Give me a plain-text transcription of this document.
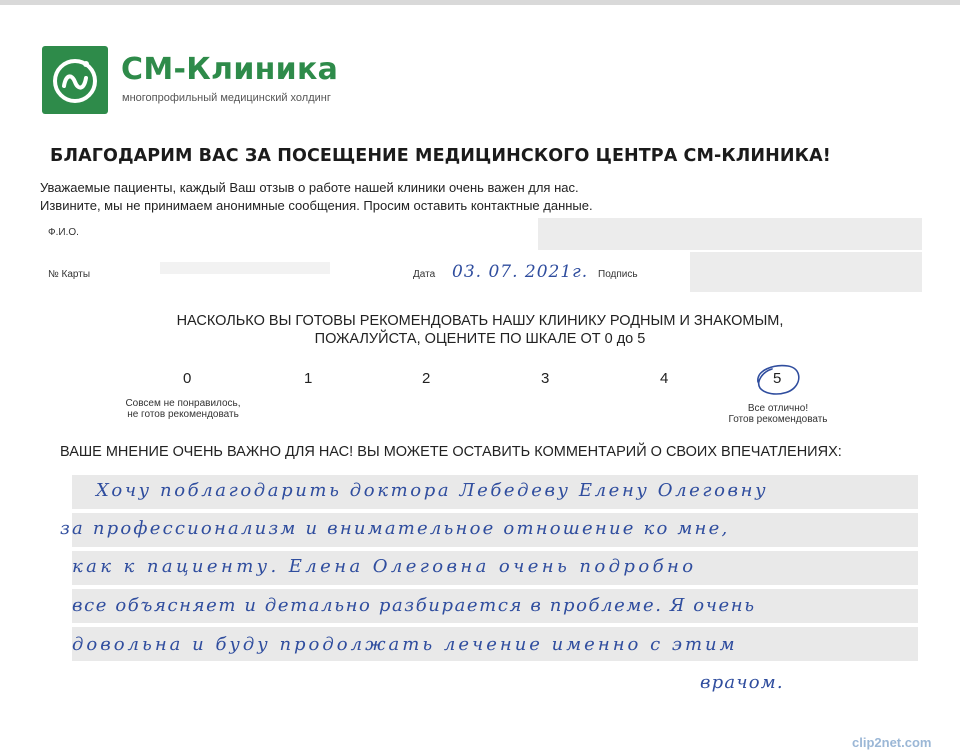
СМ-Клиника
многопрофильный медицинский холдинг
БЛАГОДАРИМ ВАС ЗА ПОСЕЩЕНИЕ МЕДИЦИНСКОГО ЦЕНТРА СМ-КЛИНИКА!
Уважаемые пациенты, каждый Ваш отзыв о работе нашей клиники очень важен для нас.
Извините, мы не принимаем анонимные сообщения. Просим оставить контактные данные.
Ф.И.О.
№ Карты	Дата 03. 07. 2021г. Подпись
НАСКОЛЬКО ВЫ ГОТОВЫ РЕКОМЕНДОВАТЬ НАШУ КЛИНИКУ РОДНЫМ И ЗНАКОМЫМ,
ПОЖАЛУЙСТА, ОЦЕНИТЕ ПО ШКАЛЕ ОТ 0 до 5
0	1	2	3	4	5
Совсем не понравилось,
не готов рекомендовать
Все отлично!
Готов рекомендовать
ВАШЕ МНЕНИЕ ОЧЕНЬ ВАЖНО ДЛЯ НАС! ВЫ МОЖЕТЕ ОСТАВИТЬ КОММЕНТАРИЙ О СВОИХ ВПЕЧАТЛЕНИЯХ:
Хочу поблагодарить доктора Лебедеву Елену Олеговну
за профессионализм и внимательное отношение ко мне,
как к пациенту. Елена Олеговна очень подробно
все объясняет и детально разбирается в проблеме. Я очень
довольна и буду продолжать лечение именно с этим
врачом.
clip2net.com
